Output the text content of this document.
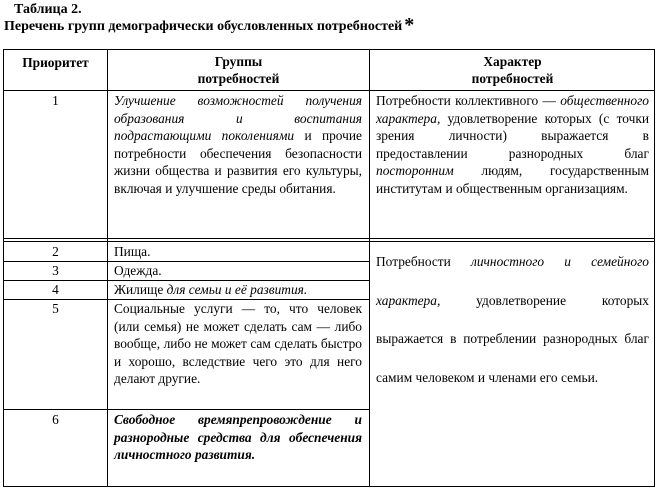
Таблица 2.
Перечень групп демографически обусловленных потребностей *
Приоритет	Группы
потребностей
Характер
потребностей
1
2
3
4
5
6
Улучшение возможностей получения образования и воспитания подрастающими поколениями и прочие потребности обеспечения безопасности жизни общества и развития его культуры, включая и улучшение среды обитания.
Пища.
Одежда.
Жилище для семьи и её развития.
Социальные услуги — то, что человек (или семья) не может сделать сам — либо вообще, либо не может сам сделать быстро и хорошо, вследствие чего это для него делают другие.
Свободное времяпрепровождение и разнородные средства для обеспечения личностного развития.
Потребности коллективного — общественного характера, удовлетворение которых (с точки зрения личности) выражается в предоставлении разнородных благ посторонним людям, государственным институтам и общественным организациям.
Потребности личностного и семейного характера, удовлетворение которых выражается в потреблении разнородных благ самим человеком и членами его семьи.
